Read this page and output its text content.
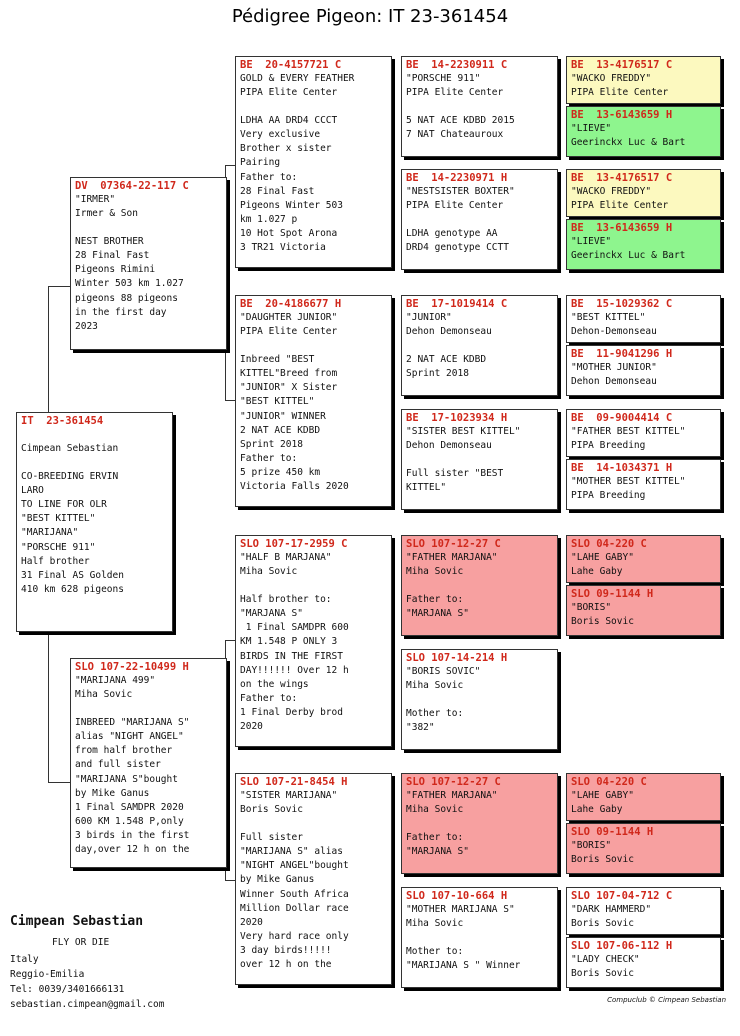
Pédigree Pigeon: IT 23-361454
IT  23-361454
Cimpean Sebastian
CO-BREEDING ERVIN
LARO
TO LINE FOR OLR
"BEST KITTEL"
"MARIJANA"
"PORSCHE 911"
Half brother
31 Final AS Golden
410 km 628 pigeons
DV  07364-22-117 C
"IRMER"
Irmer & Son
NEST BROTHER
28 Final Fast
Pigeons Rimini
Winter 503 km 1.027
pigeons 88 pigeons
in the first day
2023
SLO 107-22-10499 H
"MARIJANA 499"
Miha Sovic
INBREED "MARIJANA S"
alias "NIGHT ANGEL"
from half brother
and full sister
"MARIJANA S"bought
by Mike Ganus
1 Final SAMDPR 2020
600 KM 1.548 P,only
3 birds in the first
day,over 12 h on the
BE  20-4157721 C
GOLD & EVERY FEATHER
PIPA Elite Center
LDHA AA DRD4 CCCT
Very exclusive
Brother x sister
Pairing
Father to:
28 Final Fast
Pigeons Winter 503
km 1.027 p
10 Hot Spot Arona
3 TR21 Victoria
BE  20-4186677 H
"DAUGHTER JUNIOR"
PIPA Elite Center
Inbreed "BEST
KITTEL"Breed from
"JUNIOR" X Sister
"BEST KITTEL"
"JUNIOR" WINNER
2 NAT ACE KDBD
Sprint 2018
Father to:
5 prize 450 km
Victoria Falls 2020
SLO 107-17-2959 C
"HALF B MARJANA"
Miha Sovic
Half brother to:
"MARJANA S"
1 Final SAMDPR 600
KM 1.548 P ONLY 3
BIRDS IN THE FIRST
DAY!!!!!! Over 12 h
on the wings
Father to:
1 Final Derby brod
2020
SLO 107-21-8454 H
"SISTER MARIJANA"
Boris Sovic
Full sister
"MARIJANA S" alias
"NIGHT ANGEL"bought
by Mike Ganus
Winner South Africa
Million Dollar race
2020
Very hard race only
3 day birds!!!!!
over 12 h on the
BE  14-2230911 C
"PORSCHE 911"
PIPA Elite Center
5 NAT ACE KDBD 2015
7 NAT Chateauroux
BE  14-2230971 H
"NESTSISTER BOXTER"
PIPA Elite Center
LDHA genotype AA
DRD4 genotype CCTT
BE  17-1019414 C
"JUNIOR"
Dehon Demonseau
2 NAT ACE KDBD
Sprint 2018
BE  17-1023934 H
"SISTER BEST KITTEL"
Dehon Demonseau
Full sister "BEST
KITTEL"
SLO 107-12-27 C
"FATHER MARJANA"
Miha Sovic
Father to:
"MARJANA S"
SLO 107-14-214 H
"BORIS SOVIC"
Miha Sovic
Mother to:
"382"
SLO 107-12-27 C
"FATHER MARJANA"
Miha Sovic
Father to:
"MARJANA S"
SLO 107-10-664 H
"MOTHER MARIJANA S"
Miha Sovic
Mother to:
"MARIJANA S " Winner
BE  13-4176517 C
"WACKO FREDDY"
PIPA Elite Center
BE  13-6143659 H
"LIEVE"
Geerinckx Luc & Bart
BE  13-4176517 C
"WACKO FREDDY"
PIPA Elite Center
BE  13-6143659 H
"LIEVE"
Geerinckx Luc & Bart
BE  15-1029362 C
"BEST KITTEL"
Dehon-Demonseau
BE  11-9041296 H
"MOTHER JUNIOR"
Dehon Demonseau
BE  09-9004414 C
"FATHER BEST KITTEL"
PIPA Breeding
BE  14-1034371 H
"MOTHER BEST KITTEL"
PIPA Breeding
SLO 04-220 C
"LAHE GABY"
Lahe Gaby
SLO 09-1144 H
"BORIS"
Boris Sovic
SLO 04-220 C
"LAHE GABY"
Lahe Gaby
SLO 09-1144 H
"BORIS"
Boris Sovic
SLO 107-04-712 C
"DARK HAMMERD"
Boris Sovic
SLO 107-06-112 H
"LADY CHECK"
Boris Sovic
Cimpean Sebastian
FLY OR DIE
Italy
Reggio-Emilia
Tel: 0039/3401666131
sebastian.cimpean@gmail.com	Compuclub © Cimpean Sebastian
